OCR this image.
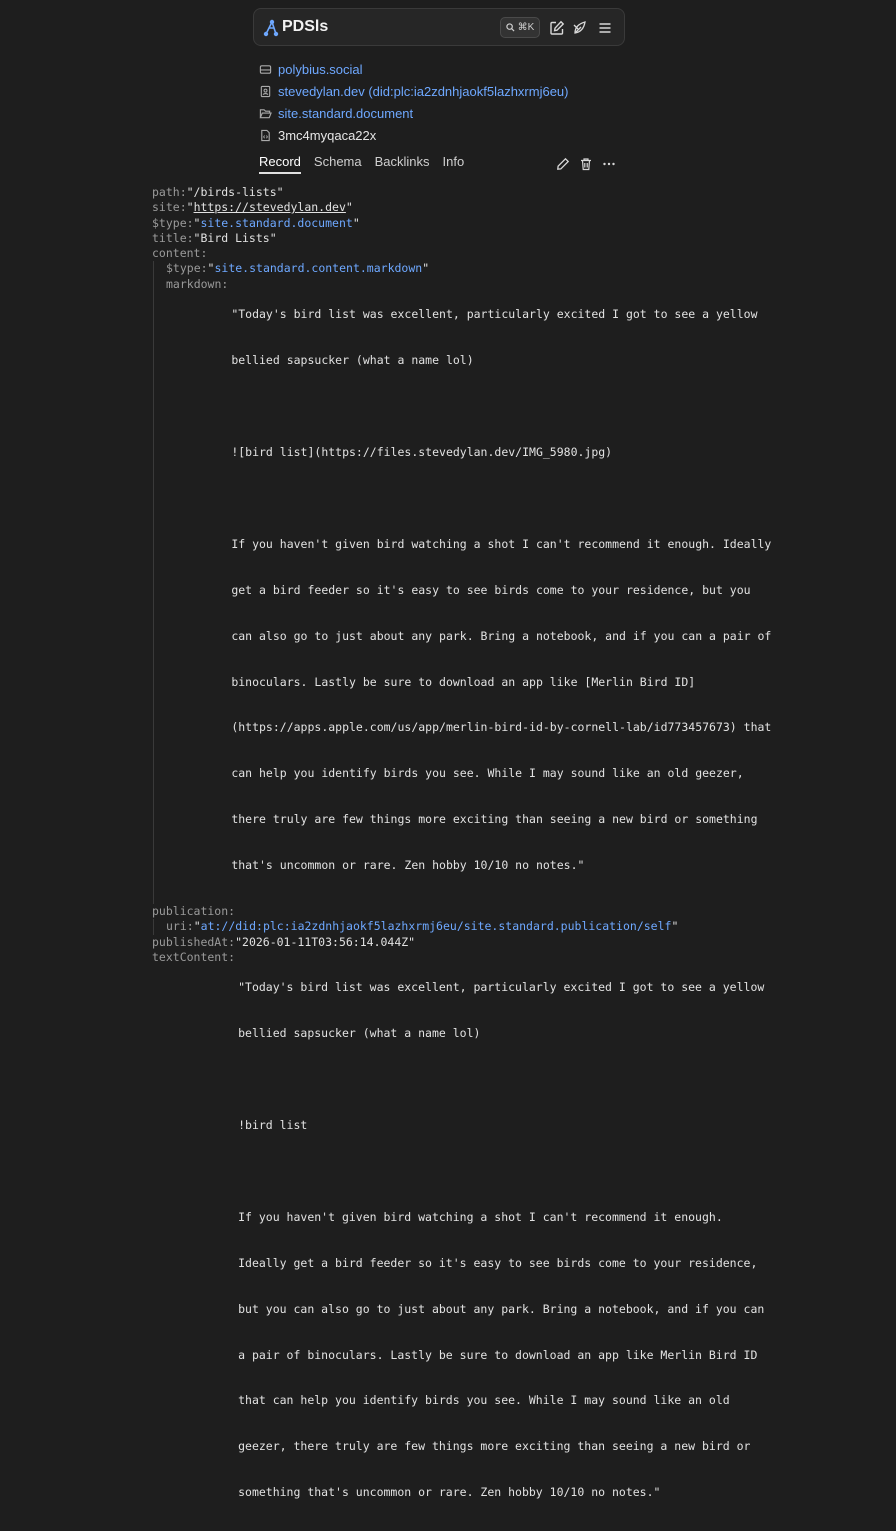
PDSls	⌘K
polybius.social
stevedylan.dev (did:plc:ia2zdnhjaokf5lazhxrmj6eu)
site.standard.document
3mc4myqaca22x
Record Schema Backlinks Info
path: "/birds-lists"
site: " https://stevedylan.dev "
$type: " site.standard.document "
title: "Bird Lists"
content:
$type: " site.standard.content.markdown "
markdown:

"Today's bird list was excellent, particularly excited I got to see a yellow

bellied sapsucker (what a name lol)

![bird list](https://files.stevedylan.dev/IMG_5980.jpg)

If you haven't given bird watching a shot I can't recommend it enough. Ideally

get a bird feeder so it's easy to see birds come to your residence, but you

can also go to just about any park. Bring a notebook, and if you can a pair of

binoculars. Lastly be sure to download an app like [Merlin Bird ID]

(https://apps.apple.com/us/app/merlin-bird-id-by-cornell-lab/id773457673) that

can help you identify birds you see. While I may sound like an old geezer,

there truly are few things more exciting than seeing a new bird or something

that's uncommon or rare. Zen hobby 10/10 no notes."

publication:
uri: " at://did:plc:ia2zdnhjaokf5lazhxrmj6eu/site.standard.publication/self "
publishedAt: "2026-01-11T03:56:14.044Z"
textContent:

"Today's bird list was excellent, particularly excited I got to see a yellow

bellied sapsucker (what a name lol)

!bird list

If you haven't given bird watching a shot I can't recommend it enough.

Ideally get a bird feeder so it's easy to see birds come to your residence,

but you can also go to just about any park. Bring a notebook, and if you can

a pair of binoculars. Lastly be sure to download an app like Merlin Bird ID

that can help you identify birds you see. While I may sound like an old

geezer, there truly are few things more exciting than seeing a new bird or

something that's uncommon or rare. Zen hobby 10/10 no notes."
